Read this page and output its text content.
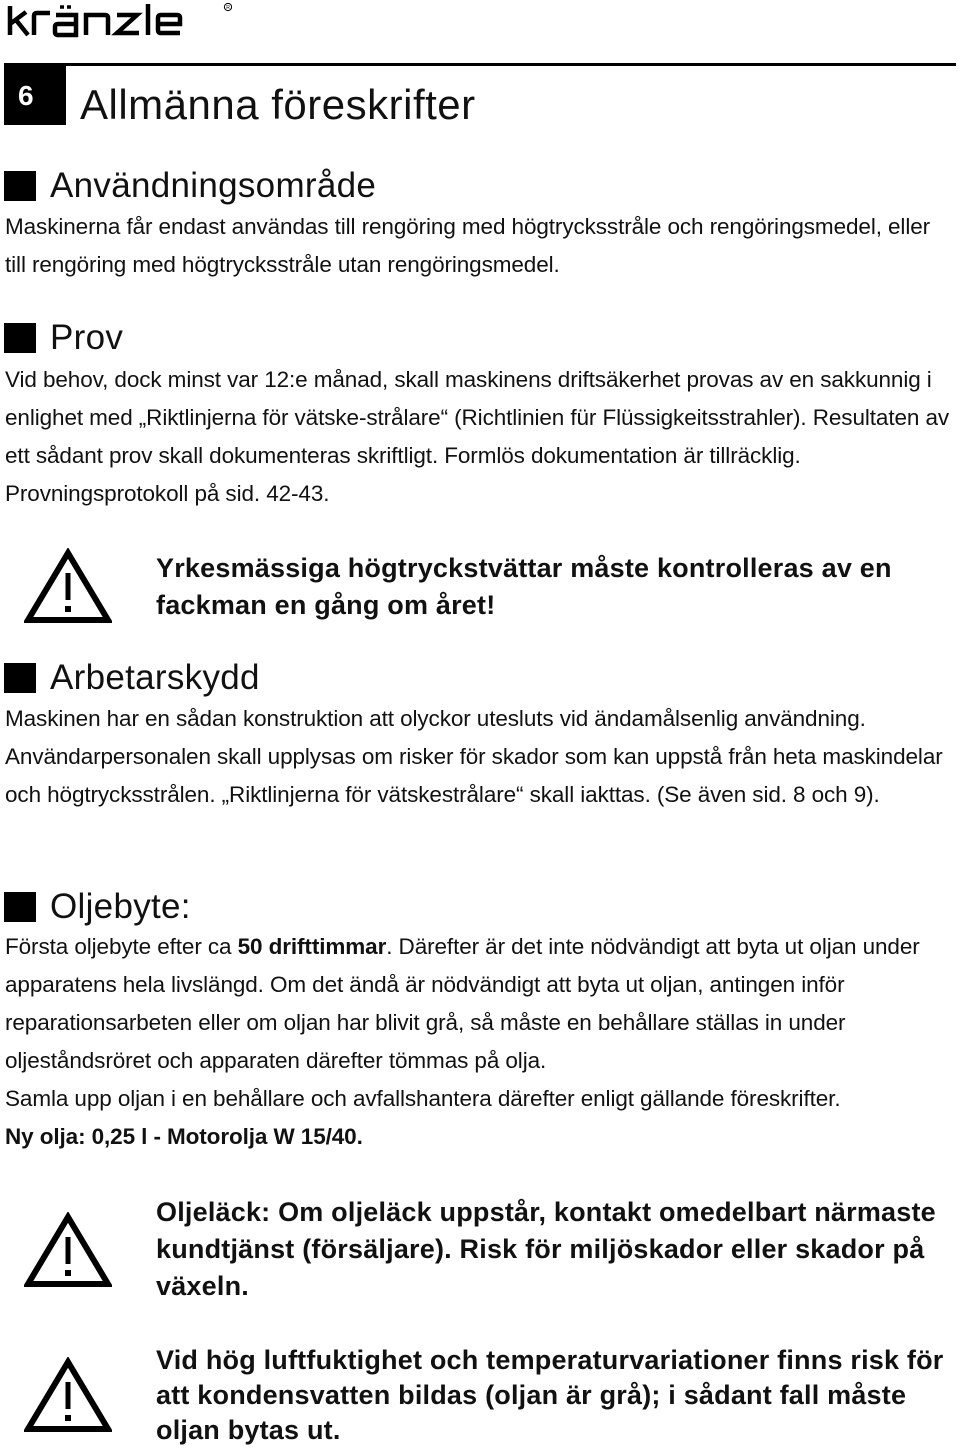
R
6 Allmänna föreskrifter
Användningsområde

Maskinerna får endast användas till rengöring med högtrycksstråle och rengöringsmedel, eller till rengöring med högtrycksstråle utan rengöringsmedel.

Prov

Vid behov, dock minst var 12:e månad, skall maskinens driftsäkerhet provas av en sakkunnig i enlighet med „Riktlinjerna för vätske-strålare“ (Richtlinien für Flüssigkeitsstrahler). Resultaten av ett sådant prov skall dokumenteras skriftligt. Formlös dokumentation är tillräcklig. Provningsprotokoll på sid. 42-43.

Yrkesmässiga högtryckstvättar måste kontrolleras av en fackman en gång om året!
Arbetarskydd

Maskinen har en sådan konstruktion att olyckor utesluts vid ändamålsenlig användning. Användarpersonalen skall upplysas om risker för skador som kan uppstå från heta maskindelar och högtrycksstrålen. „Riktlinjerna för vätskestrålare“ skall iakttas. (Se även sid. 8 och 9).

Oljebyte:

Första oljebyte efter ca 50 drifttimmar. Därefter är det inte nödvändigt att byta ut oljan under apparatens hela livslängd. Om det ändå är nödvändigt att byta ut oljan, antingen inför reparationsarbeten eller om oljan har blivit grå, så måste en behållare ställas in under oljeståndsröret och apparaten därefter tömmas på olja.

Samla upp oljan i en behållare och avfallshantera därefter enligt gällande föreskrifter.

Ny olja: 0,25 l - Motorolja W 15/40.

Oljeläck: Om oljeläck uppstår, kontakt omedelbart närmaste kundtjänst (försäljare). Risk för miljöskador eller skador på växeln.
Vid hög luftfuktighet och temperaturvariationer finns risk för att kondensvatten bildas (oljan är grå); i sådant fall måste oljan bytas ut.
